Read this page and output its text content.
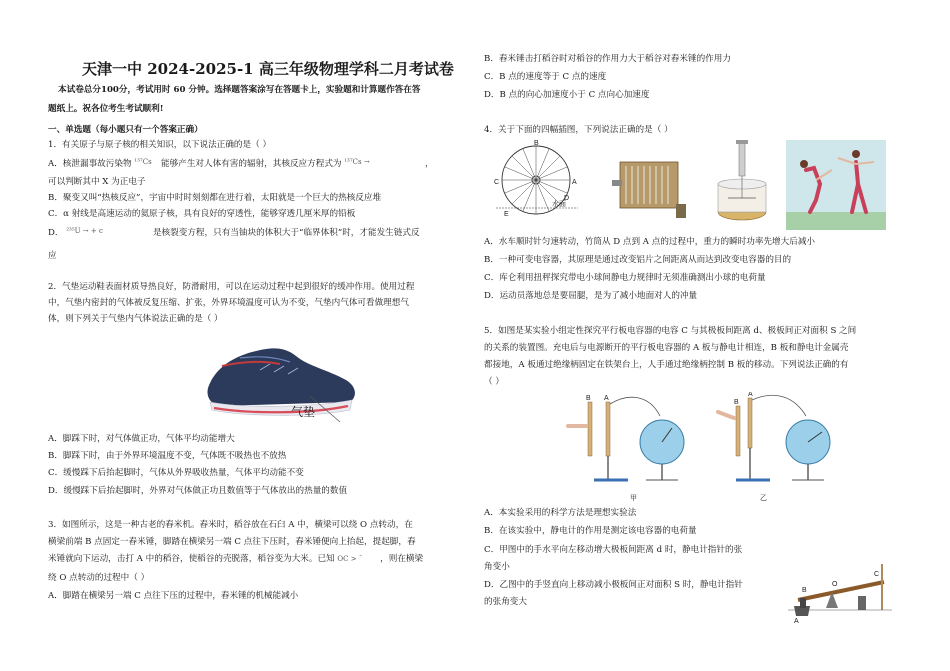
天津一中 2024-2025-1 高三年级物理学科二月考试卷
本试卷总分100分，考试用时 60 分钟。选择题答案涂写在答题卡上，实验题和计算题作答在答
题纸上。祝各位考生考试顺利!
一、单选题（每小题只有一个答案正确）
1．有关原子与原子核的相关知识，以下说法正确的是（ ）
A．核泄漏事故污染物 ¹³⁷Cs 能够产生对人体有害的辐射，其核反应方程式为 ¹³⁷Cs →	，
可以判断其中 X 为正电子
B．聚变又叫“热核反应”，宇宙中时时刻刻都在进行着，太阳就是一个巨大的热核反应堆
C．α 射线是高速运动的氦原子核，具有良好的穿透性，能够穿透几厘米厚的铅板
D． ²³⁵U → + c	是核裂变方程，只有当铀块的体积大于“临界体积”时，才能发生链式反
应
2．气垫运动鞋表面材质导热良好，防滑耐用，可以在运动过程中起到很好的缓冲作用。使用过程
中，气垫内密封的气体被反复压缩、扩张，外界环境温度可认为不变，气垫内气体可看做理想气
体，则下列关于气垫内气体说法正确的是（ ）
气垫
A．脚踩下时，对气体做正功，气体平均动能增大
B．脚踩下时，由于外界环境温度不变，气体既不吸热也不放热
C．缓慢踩下后抬起脚时，气体从外界吸收热量，气体平均动能不变
D．缓慢踩下后抬起脚时，外界对气体做正功且数值等于气体放出的热量的数值
3．如图所示，这是一种古老的舂米机。舂米时，稻谷放在石臼 A 中，横梁可以绕 O 点转动，在
横梁前端 B 点固定一舂米锤，脚踏在横梁另一端 C 点往下压时，舂米锤便向上抬起，提起脚，舂
米锤就向下运动，击打 A 中的稻谷，使稻谷的壳脱落，稻谷变为大米。已知 OC > ¯ ，则在横梁
绕 O 点转动的过程中（ ）
A．脚踏在横梁另一端 C 点往下压的过程中，舂米锤的机械能减小
B．舂米锤击打稻谷时对稻谷的作用力大于稻谷对舂米锤的作用力
C．B 点的速度等于 C 点的速度
D．B 点的向心加速度小于 C 点向心加速度
4．关于下面的四幅插图，下列说法正确的是（ ）
C	A
B
E
D
水面
A．水车顺时针匀速转动，竹筒从 D 点到 A 点的过程中，重力的瞬时功率先增大后减小
B．一种可变电容器，其原理是通过改变铝片之间距离从而达到改变电容器的目的
C．库仑利用扭秤探究带电小球间静电力规律时无须准确测出小球的电荷量
D．运动员落地总是要屈腿，是为了减小地面对人的冲量
5．如图是某实验小组定性探究平行板电容器的电容 C 与其极板间距离 d、极板间正对面积 S 之间
的关系的装置图。充电后与电源断开的平行板电容器的 A 板与静电计相连，B 板和静电计金属壳
都接地，A 板通过绝缘柄固定在铁架台上，人手通过绝缘柄控制 B 板的移动。下列说法正确的有
（ ）
B A
甲
B
A
乙
A．本实验采用的科学方法是理想实验法
B．在该实验中，静电计的作用是测定该电容器的电荷量
C．甲图中的手水平向左移动增大极板间距离 d 时，静电计指针的张
角变小
D．乙图中的手竖直向上移动减小极板间正对面积 S 时，静电计指针
的张角变大
O
B
C
A
